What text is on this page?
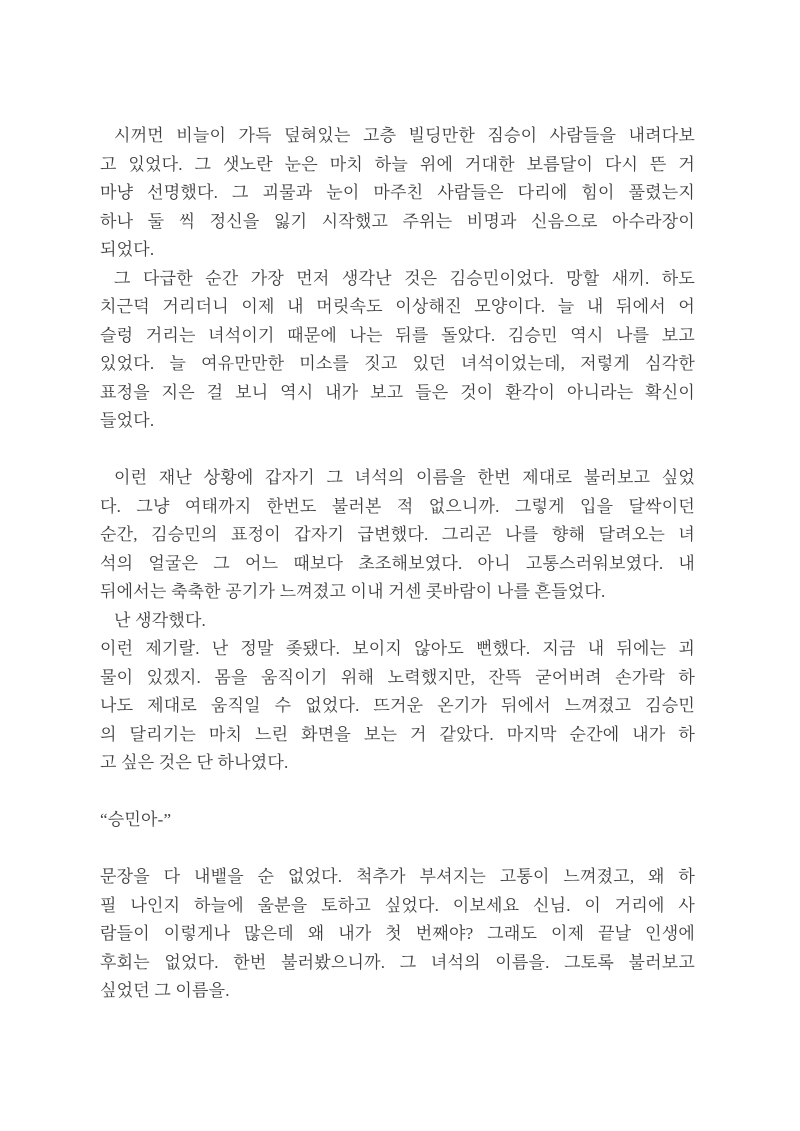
시꺼먼 비늘이 가득 덮혀있는 고층 빌딩만한 짐승이 사람들을 내려다보
고 있었다. 그 샛노란 눈은 마치 하늘 위에 거대한 보름달이 다시 뜬 거
마냥 선명했다. 그 괴물과 눈이 마주친 사람들은 다리에 힘이 풀렸는지
하나 둘 씩 정신을 잃기 시작했고 주위는 비명과 신음으로 아수라장이
되었다.
그 다급한 순간 가장 먼저 생각난 것은 김승민이었다. 망할 새끼. 하도
치근덕 거리더니 이제 내 머릿속도 이상해진 모양이다. 늘 내 뒤에서 어
슬렁 거리는 녀석이기 때문에 나는 뒤를 돌았다. 김승민 역시 나를 보고
있었다. 늘 여유만만한 미소를 짓고 있던 녀석이었는데, 저렇게 심각한
표정을 지은 걸 보니 역시 내가 보고 들은 것이 환각이 아니라는 확신이
들었다.
이런 재난 상황에 갑자기 그 녀석의 이름을 한번 제대로 불러보고 싶었
다. 그냥 여태까지 한번도 불러본 적 없으니까. 그렇게 입을 달싹이던
순간, 김승민의 표정이 갑자기 급변했다. 그리곤 나를 향해 달려오는 녀
석의 얼굴은 그 어느 때보다 초조해보였다. 아니 고통스러워보였다. 내
뒤에서는 축축한 공기가 느껴졌고 이내 거센 콧바람이 나를 흔들었다.
난 생각했다.
이런 제기랄. 난 정말 좆됐다. 보이지 않아도 뻔했다. 지금 내 뒤에는 괴
물이 있겠지. 몸을 움직이기 위해 노력했지만, 잔뜩 굳어버려 손가락 하
나도 제대로 움직일 수 없었다. 뜨거운 온기가 뒤에서 느껴졌고 김승민
의 달리기는 마치 느린 화면을 보는 거 같았다. 마지막 순간에 내가 하
고 싶은 것은 단 하나였다.
“승민아-”
문장을 다 내뱉을 순 없었다. 척추가 부셔지는 고통이 느껴졌고, 왜 하
필 나인지 하늘에 울분을 토하고 싶었다. 이보세요 신님. 이 거리에 사
람들이 이렇게나 많은데 왜 내가 첫 번째야? 그래도 이제 끝날 인생에
후회는 없었다. 한번 불러봤으니까. 그 녀석의 이름을. 그토록 불러보고
싶었던 그 이름을.
